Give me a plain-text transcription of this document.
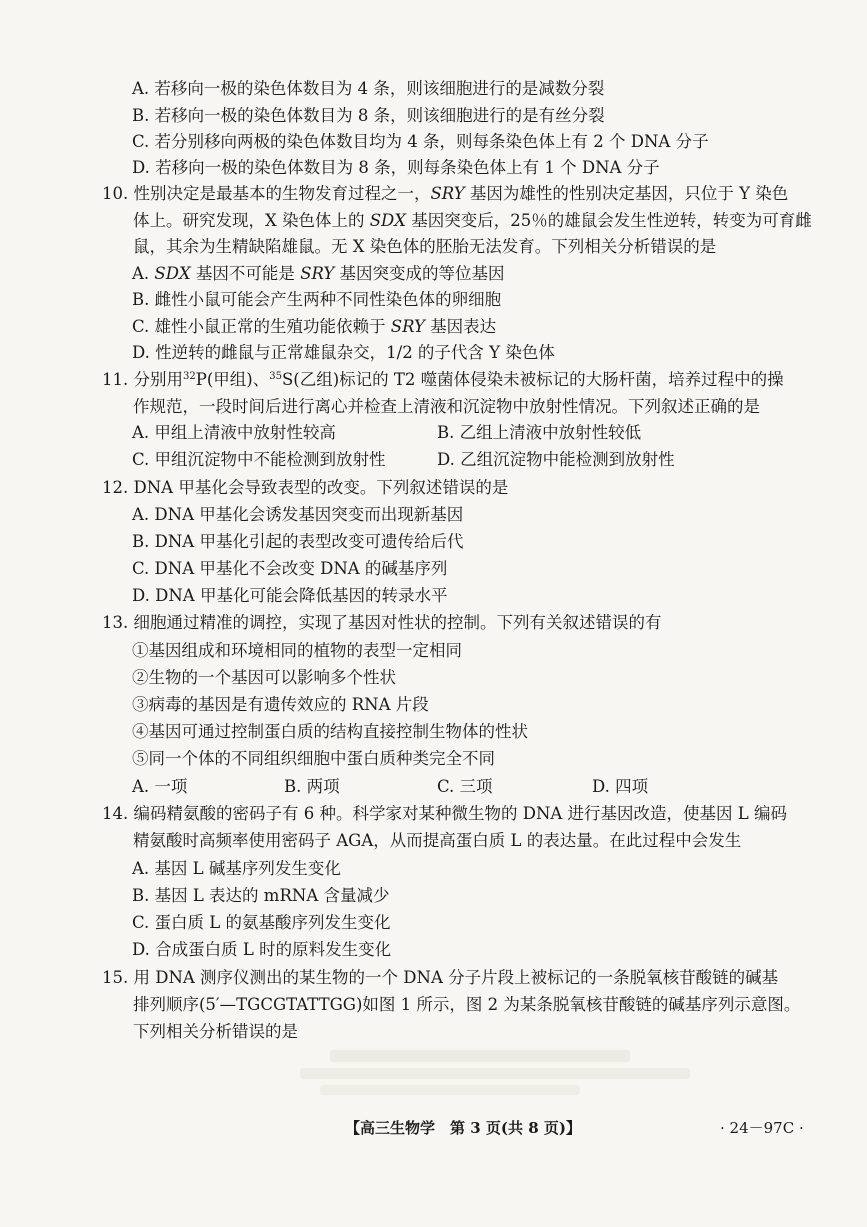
A. 若移向一极的染色体数目为 4 条，则该细胞进行的是减数分裂
B. 若移向一极的染色体数目为 8 条，则该细胞进行的是有丝分裂
C. 若分别移向两极的染色体数目均为 4 条，则每条染色体上有 2 个 DNA 分子
D. 若移向一极的染色体数目为 8 条，则每条染色体上有 1 个 DNA 分子
10. 性别决定是最基本的生物发育过程之一，SRY 基因为雄性的性别决定基因，只位于 Y 染色
体上。研究发现，X 染色体上的 SDX 基因突变后，25％的雄鼠会发生性逆转，转变为可育雌
鼠，其余为生精缺陷雄鼠。无 X 染色体的胚胎无法发育。下列相关分析错误的是
A. SDX 基因不可能是 SRY 基因突变成的等位基因
B. 雌性小鼠可能会产生两种不同性染色体的卵细胞
C. 雄性小鼠正常的生殖功能依赖于 SRY 基因表达
D. 性逆转的雌鼠与正常雄鼠杂交，1/2 的子代含 Y 染色体
11. 分别用$^{32}$P(甲组)、$^{35}$S(乙组)标记的 T2 噬菌体侵染未被标记的大肠杆菌，培养过程中的操
作规范，一段时间后进行离心并检查上清液和沉淀物中放射性情况。下列叙述正确的是
A. 甲组上清液中放射性较高	B. 乙组上清液中放射性较低
C. 甲组沉淀物中不能检测到放射性	D. 乙组沉淀物中能检测到放射性
12. DNA 甲基化会导致表型的改变。下列叙述错误的是
A. DNA 甲基化会诱发基因突变而出现新基因
B. DNA 甲基化引起的表型改变可遗传给后代
C. DNA 甲基化不会改变 DNA 的碱基序列
D. DNA 甲基化可能会降低基因的转录水平
13. 细胞通过精准的调控，实现了基因对性状的控制。下列有关叙述错误的有
①基因组成和环境相同的植物的表型一定相同
②生物的一个基因可以影响多个性状
③病毒的基因是有遗传效应的 RNA 片段
④基因可通过控制蛋白质的结构直接控制生物体的性状
⑤同一个体的不同组织细胞中蛋白质种类完全不同
A. 一项	B. 两项	C. 三项	D. 四项
14. 编码精氨酸的密码子有 6 种。科学家对某种微生物的 DNA 进行基因改造，使基因 L 编码
精氨酸时高频率使用密码子 AGA，从而提高蛋白质 L 的表达量。在此过程中会发生
A. 基因 L 碱基序列发生变化
B. 基因 L 表达的 mRNA 含量减少
C. 蛋白质 L 的氨基酸序列发生变化
D. 合成蛋白质 L 时的原料发生变化
15. 用 DNA 测序仪测出的某生物的一个 DNA 分子片段上被标记的一条脱氧核苷酸链的碱基
排列顺序(5′—TGCGTATTGG)如图 1 所示，图 2 为某条脱氧核苷酸链的碱基序列示意图。
下列相关分析错误的是
【高三生物学　第 3 页(共 8 页)】	· 24－97C ·
